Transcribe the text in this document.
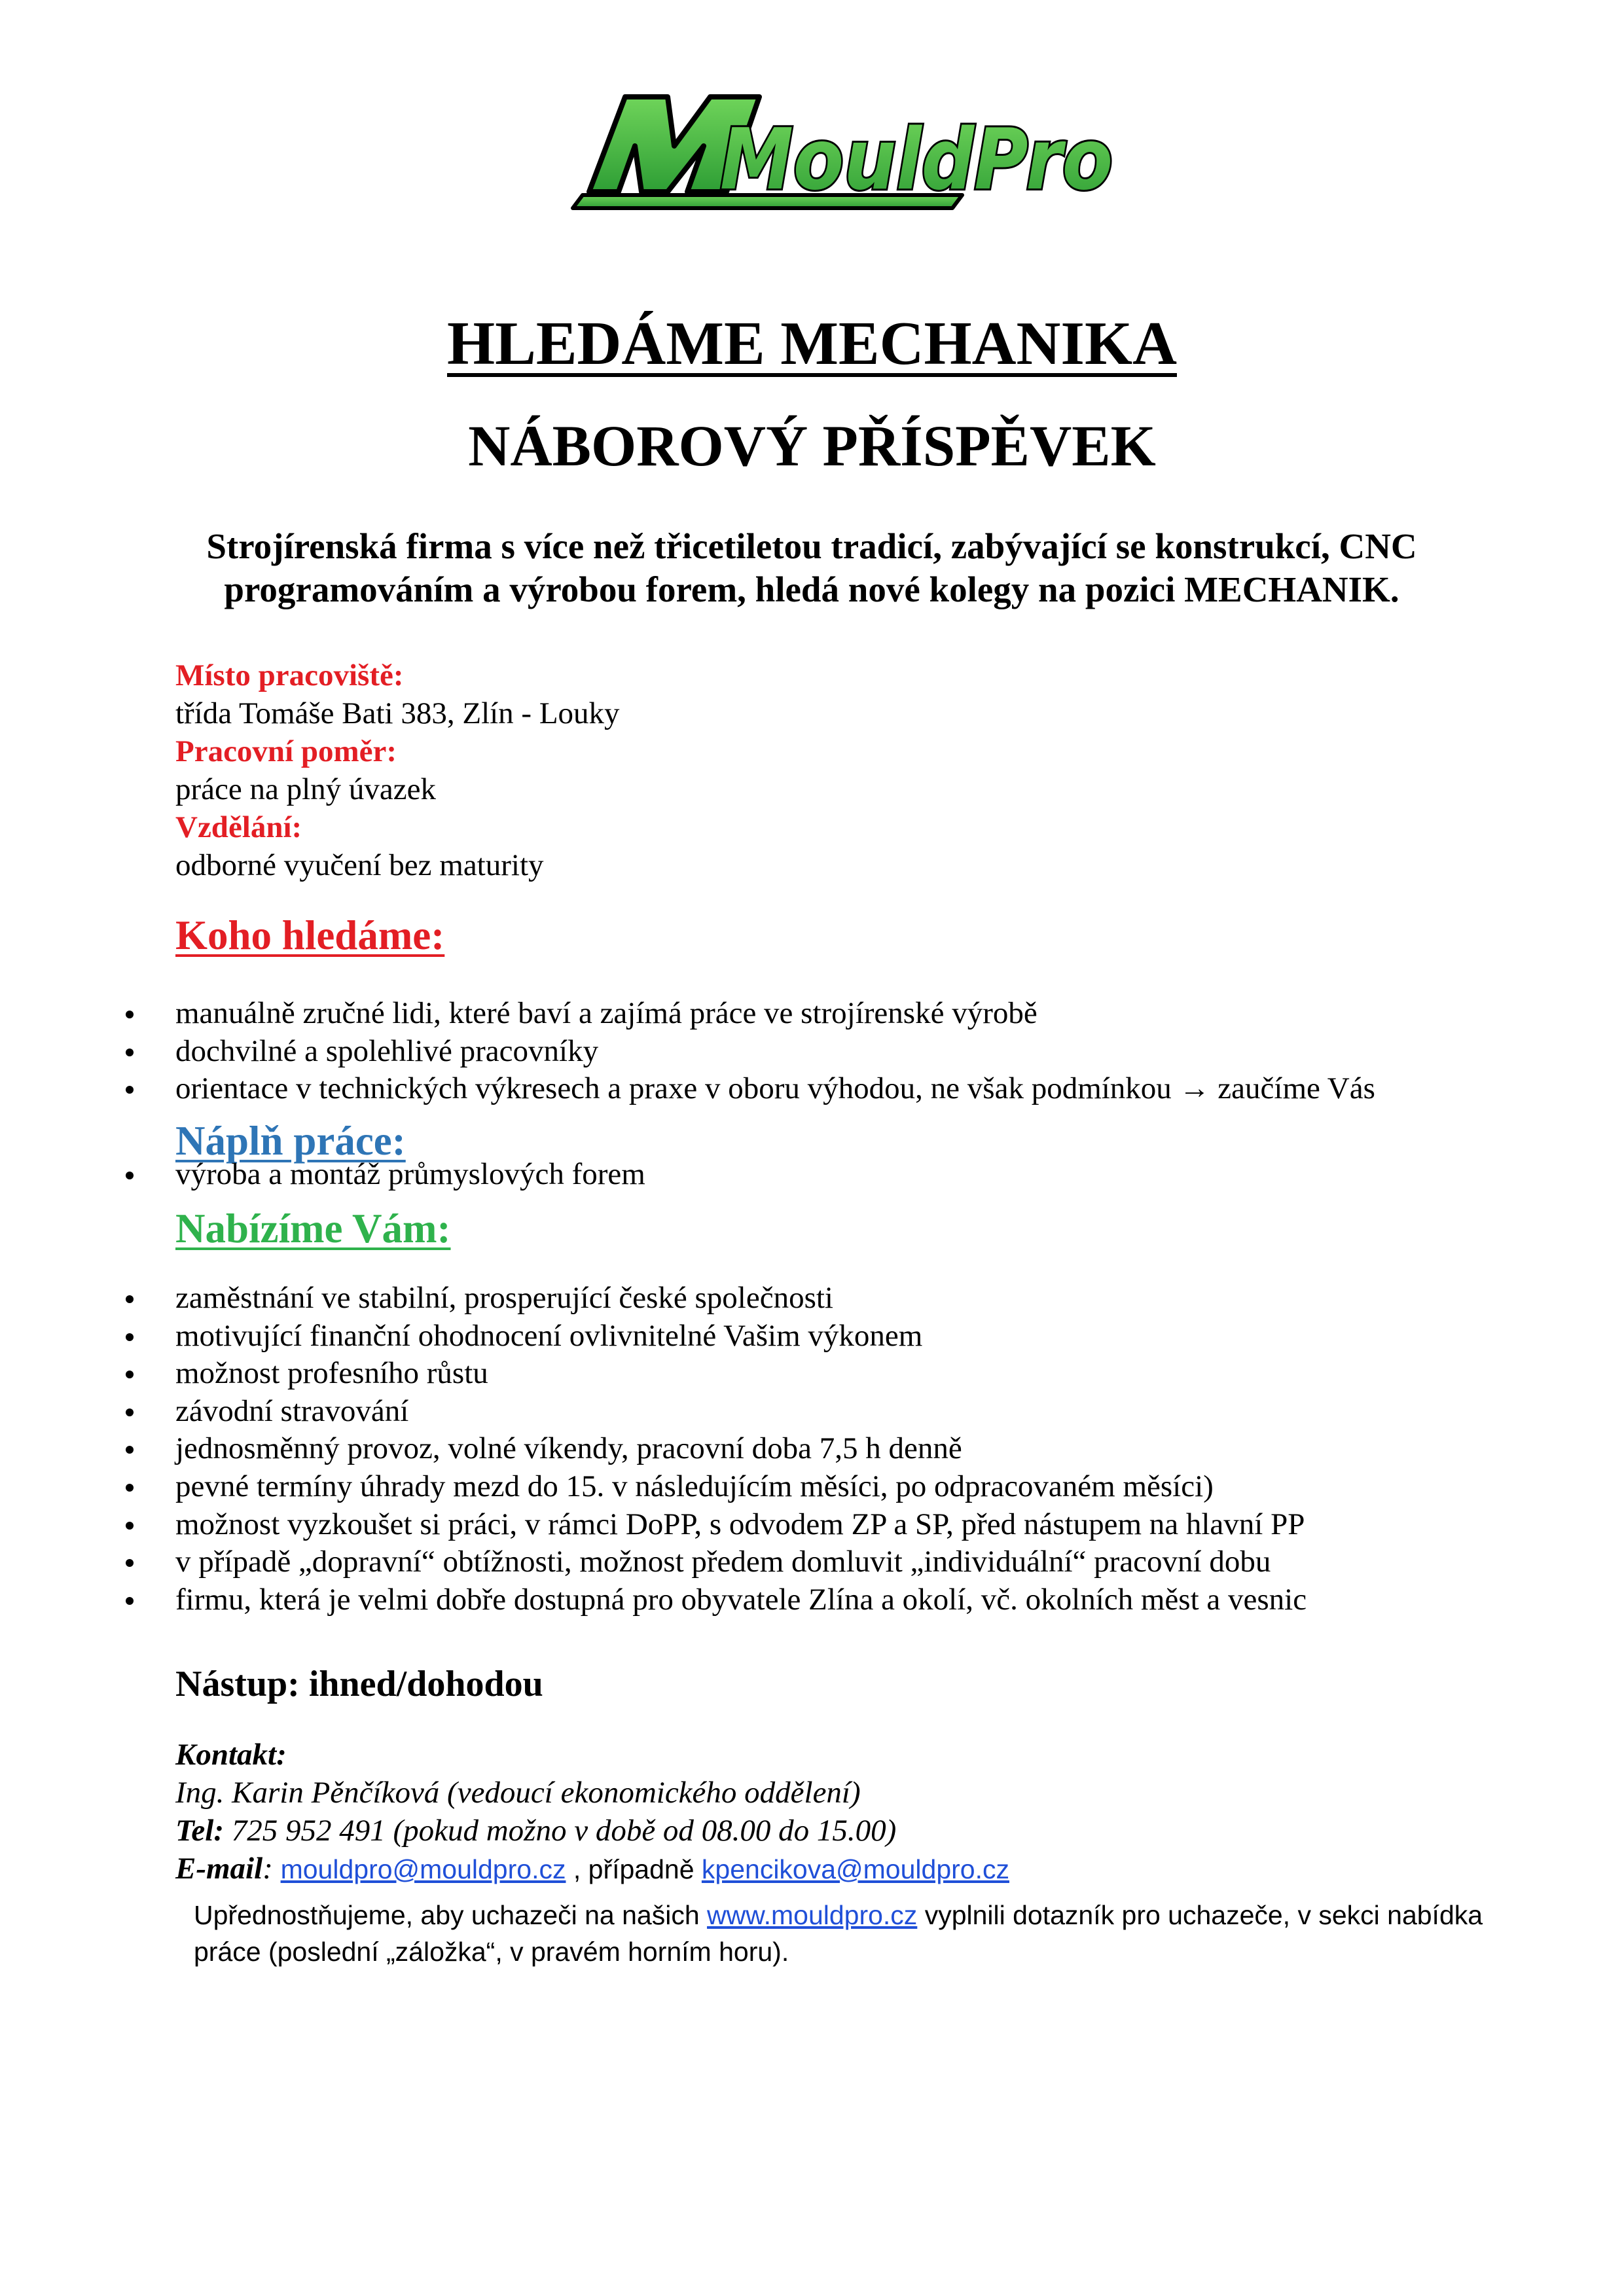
MouldPro
HLEDÁME MECHANIKA
NÁBOROVÝ PŘÍSPĚVEK

Strojírenská firma s více než třicetiletou tradicí, zabývající se konstrukcí, CNC programováním a výrobou forem, hledá nové kolegy na pozici MECHANIK.

Místo pracoviště:
třída Tomáše Bati 383, Zlín - Louky
Pracovní poměr:
práce na plný úvazek
Vzdělání:
odborné vyučení bez maturity
Koho hledáme:
manuálně zručné lidi, které baví a zajímá práce ve strojírenské výrobě
dochvilné a spolehlivé pracovníky
orientace v technických výkresech a praxe v oboru výhodou, ne však podmínkou → zaučíme Vás
Náplň práce:
výroba a montáž průmyslových forem
Nabízíme Vám:
zaměstnání ve stabilní, prosperující české společnosti
motivující finanční ohodnocení ovlivnitelné Vašim výkonem
možnost profesního růstu
závodní stravování
jednosměnný provoz, volné víkendy, pracovní doba 7,5 h denně
pevné termíny úhrady mezd do 15. v následujícím měsíci, po odpracovaném měsíci)
možnost vyzkoušet si práci, v rámci DoPP, s odvodem ZP a SP, před nástupem na hlavní PP
v případě „dopravní“ obtížnosti, možnost předem domluvit „individuální“ pracovní dobu
firmu, která je velmi dobře dostupná pro obyvatele Zlína a okolí, vč. okolních měst a vesnic

Nástup: ihned/dohodou

Kontakt:
Ing. Karin Pěnčíková (vedoucí ekonomického oddělení)
Tel: 725 952 491 (pokud možno v době od 08.00 do 15.00)
E-mail: mouldpro@mouldpro.cz , případně kpencikova@mouldpro.cz

Upřednostňujeme, aby uchazeči na našich www.mouldpro.cz vyplnili dotazník pro uchazeče, v sekci nabídka práce (poslední „záložka“, v pravém horním horu).
